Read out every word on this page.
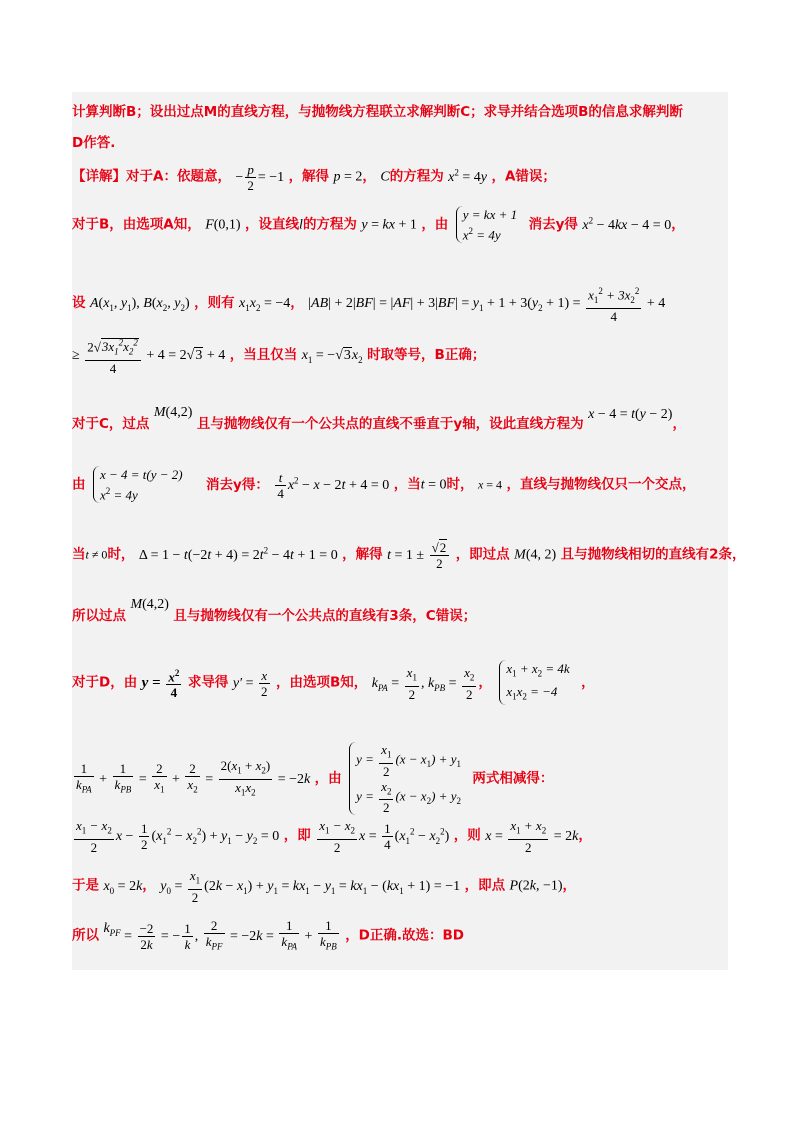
计算判断B；设出过点M的直线方程，与抛物线方程联立求解判断C；求导并结合选项B的信息求解判断
D作答.
【详解】对于A：依题意， − $\frac{p}{2} = -1$ ，解得 p = 2， C的方程为 $x^2 = 4y$ ，A错误；
对于B，由选项A知， F(0,1) ，设直线l的方程为 y = kx + 1 ，由
y = kx + 1
$x^2 = 4y$
消去y得 $x^2 - 4kx - 4 = 0$，
设 $A(x_1$, $y_1$), $B(x_2$, $y_2$) ，则有 $x_1x_2 = -4$， $|AB| + 2|BF| = |AF| + 3|BF| = y_1 + 1 + 3(y_2 + 1) = \frac{x_1^2 + 3x_2^2}{4} + 4$
≥ $\frac{2√3x_1^2x_2^2}{4} + 4 = 2√3 + 4$ ，当且仅当 $x_1 = -√3x_2$ 时取等号，B正确；
对于C，过点 M(4,2) 且与抛物线仅有一个公共点的直线不垂直于y轴，设此直线方程为 x − 4 = t(y − 2)，
由
x − 4 = t(y − 2)
$x^2 = 4y$
消去y得： $\frac{t}{4} x^2 - x - 2t + 4 = 0$ ，当t = 0时， x = 4 ，直线与抛物线仅只一个交点，
当t ≠ 0时， $\Delta = 1 - t(-2t + 4) = 2t^2 - 4t + 1 = 0$ ，解得 $t = 1 \pm \frac{√2}{2}$ ，即过点 M(4, 2) 且与抛物线相切的直线有2条，
所以过点 M(4,2) 且与抛物线仅有一个公共点的直线有3条，C错误；
对于D，由 $y = \frac{x^2}{4}$ 求导得 $y' = \frac{x}{2}$ ，由选项B知， $k_{PA} = \frac{x_1}{2}$ , $k_{PB} = \frac{x_2}{2}$ ，
$x_1 + x_2 = 4k$
$x_1x_2 = -4$
，
$\frac{1}{k_{PA}} + \frac{1}{k_{PB}} = \frac{2}{x_1} + \frac{2}{x_2} = \frac{2(x_1 + x_2)}{x_1x_2} = -2k$ ，由
$y = \frac{x_1}{2} (x - x_1) + y_1$
$y = \frac{x_2}{2} (x - x_2) + y_2$
两式相减得：
$\frac{x_1 - x_2}{2}$ $x - \frac{1}{2} (x_1^2 - x_2^2) + y_1 - y_2 = 0$ ，即 $\frac{x_1 - x_2}{2}$ $x = \frac{1}{4} (x_1^2 - x_2^2)$ ，则 $x = \frac{x_1 + x_2}{2} = 2k$，
于是 $x_0 = 2k$， $y_0 = \frac{x_1}{2} (2k - x_1) + y_1 = kx_1 - y_1 = kx_1 - (kx_1 + 1) = -1$ ，即点 P(2k, −1)，
所以 $k_{PF} = \frac{-2}{2k}$ = − $\frac{1}{k}$ , $\frac{2}{k_{PF}} = -2k = \frac{1}{k_{PA}} + \frac{1}{k_{PB}}$ ，D正确.故选：BD
